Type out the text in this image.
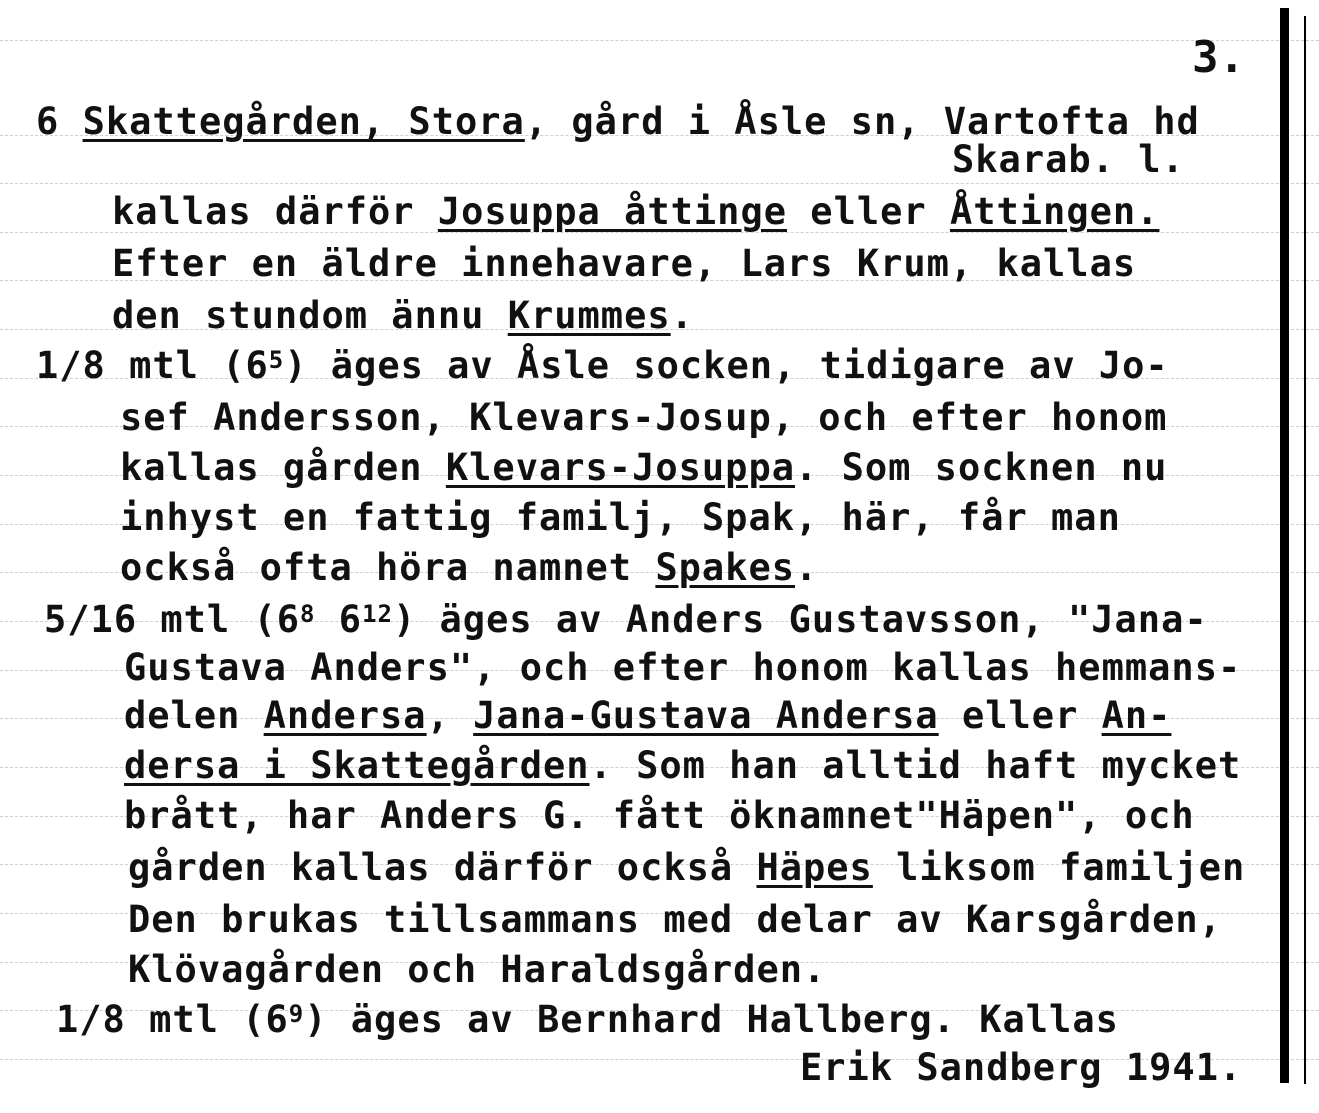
3.
6 Skattegården, Stora, gård i Åsle sn, Vartofta hd
Skarab. l.
kallas därför Josuppa åttinge eller Åttingen.
Efter en äldre innehavare, Lars Krum, kallas
den stundom ännu Krummes.
1/8 mtl $(6^5)$ äges av Åsle socken, tidigare av Jo-
sef Andersson, Klevars-Josup, och efter honom
kallas gården Klevars-Josuppa. Som socknen nu
inhyst en fattig familj, Spak, här, får man
också ofta höra namnet Spakes.
5/16 mtl ($6^8$ $6^{12}$) äges av Anders Gustavsson, "Jana-
Gustava Anders", och efter honom kallas hemmans-
delen Andersa, Jana-Gustava Andersa eller An-
dersa i Skattegården. Som han alltid haft mycket
brått, har Anders G. fått öknamnet"Häpen", och
gården kallas därför också Häpes liksom familjen
Den brukas tillsammans med delar av Karsgården,
Klövagården och Haraldsgården.
1/8 mtl $(6^9)$ äges av Bernhard Hallberg. Kallas
Erik Sandberg 1941.
